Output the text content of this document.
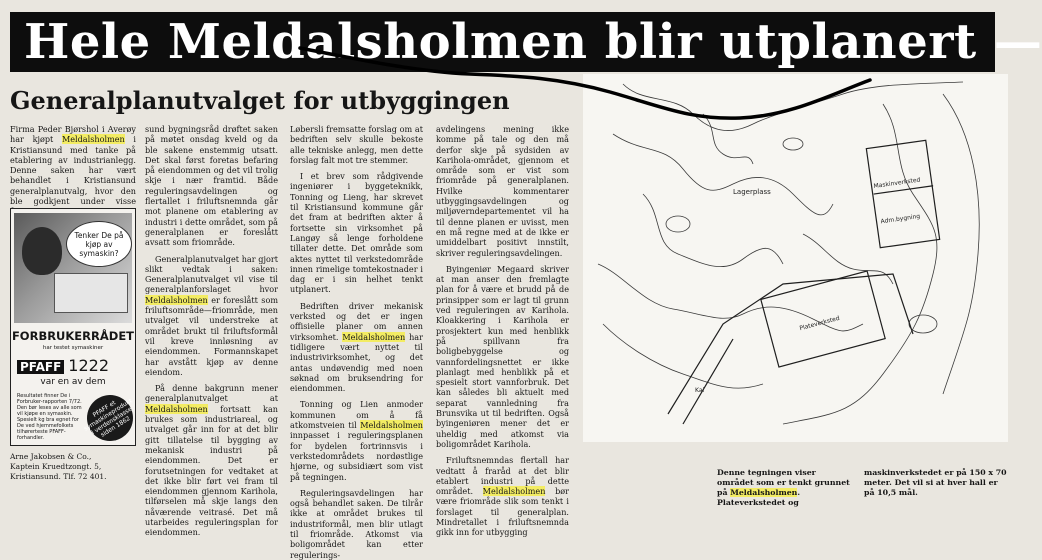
Hele Meldalsholmen blir utplanert —
Generalplanutvalget for utbyggingen

Firma Peder Bjørshol i Averøy har kjøpt Meldalsholmen i Kristiansund med tanke på etablering av industrianlegg. Denne saken har vært behandlet i Kristiansund generalplanutvalg, hvor den ble godkjent under visse

sund bygningsråd drøftet saken på møtet onsdag kveld og da ble sakene enstemmig utsatt. Det skal først foretas befaring på eiendommen og det vil trolig skje i nær framtid. Både reguleringsavdelingen og flertallet i friluftsnemnda går mot planene om etablering av industri i dette området, som på generalplanen er foreslått avsatt som friområde.

Generalplanutvalget har gjort slikt vedtak i saken: Generalplanutvalget vil vise til generalplanforslaget hvor Meldalsholmen er foreslått som friluftsområde—friområde, men utvalget vil understreke at området brukt til friluftsformål vil kreve innløsning av eiendommen. Formannskapet har avstått kjøp av denne eiendom.

På denne bakgrunn mener generalplanutvalget at Meldalsholmen fortsatt kan brukes som industriareal, og utvalget går inn for at det blir gitt tillatelse til bygging av mekanisk industri på eiendommen. Det er forutsetningen for vedtaket at det ikke blir ført vei fram til eiendommen gjennom Kariholа, tilførselen må skje langs den nåværende veitrasé. Det må utarbeides reguleringsplan for eiendommen.

Løbersli fremsatte forslag om at bedriften selv skulle bekoste alle tekniske anlegg, men dette forslag falt mot tre stemmer.

I et brev som rådgivende ingeniører i byggeteknikk, Tonning og Lieng, har skrevet til Kristiansund kommune går det fram at bedriften akter å fortsette sin virksomhet på Langøy så lenge forholdene tillater dette. Det område som aktes nyttet til verkstedområde innen rimelige tomtekostnader i dag er i sin helhet tenkt utplanert.

Bedriften driver mekanisk verksted og det er ingen offisielle planer om annen virksomhet. Meldalsholmen har tidligere vært nyttet til industrivirksomhet, og det antas undøvendig med noen søknad om bruksendring for eiendommen.

Tonning og Lien anmoder kommunen om å få atkomstveien til Meldalsholmen innpasset i reguleringsplanen for bydelen fortrinnsvis i verkstedområdets nordøstlige hjørne, og subsidiært som vist på tegningen.

Reguleringsavdelingen har også behandlet saken. De tilrår ikke at området brukes til industriformål, men blir utlagt til friområde. Atkomst via boligområdet kan etter regulerings-

avdelingens mening ikke komme på tale og den må derfor skje på sydsiden av Kariholа-området, gjennom et område som er vist som friområde på generalplanen. Hvilke kommentarer utbyggingsavdelingen og miljøverndepartementet vil ha til denne planen er uvisst, men en må regne med at de ikke er umiddelbart positivt innstilt, skriver reguleringsavdelingen.

Byingeniør Megaard skriver at man anser den fremlagte plan for å være et brudd på de prinsipper som er lagt til grunn ved reguleringen av Kariholа. Kloakkering i Kariholа er prosjektert kun med henblikk på spillvann fra boligbebyggelse og vannfordelingsnettet er ikke planlagt med henblikk på et spesielt stort vannforbruk. Det kan således bli aktuelt med separat vannledning fra Brunsvika ut til bedriften. Også byingeniøren mener det er uheldig med atkomst via boligområdet Kariholа.

Friluftsnemndas flertall har vedtatt å fraråd at det blir etablert industri på dette området. Meldalsholmen bør være friområde slik som tenkt i forslaget til generalplan. Mindretallet i friluftsnemnda gikk inn for utbygging

Tenker De på kjøp av symaskin?
FORBRUKERRÅDET
har testet symaskiner
PFAFF 1222
var en av dem
Resultatet finner De i Forbruker-rapporten 7/72. Den bør leses av alle som vil kjøpe en symaskin. Spesielt kg bra egnet for De ved hjemmefolkets tilhørerteste PFAFF-forhandler.
PFAFF et symaskineprodukt i verdensklasse siden 1862
Arne Jakobsen & Co.,
Kaptein Kruedtzongt. 5,
Kristiansund. Tlf. 72 401.
Lagerplass
Maskinverksted
Adm.bygning
Plateverksted
Kai
Denne tegningen viser området som er tenkt grunnet på Meldalsholmen. Plateverkstedet og
maskinverkstedet er på 150 x 70 meter. Det vil si at hver hall er på 10,5 mål.
